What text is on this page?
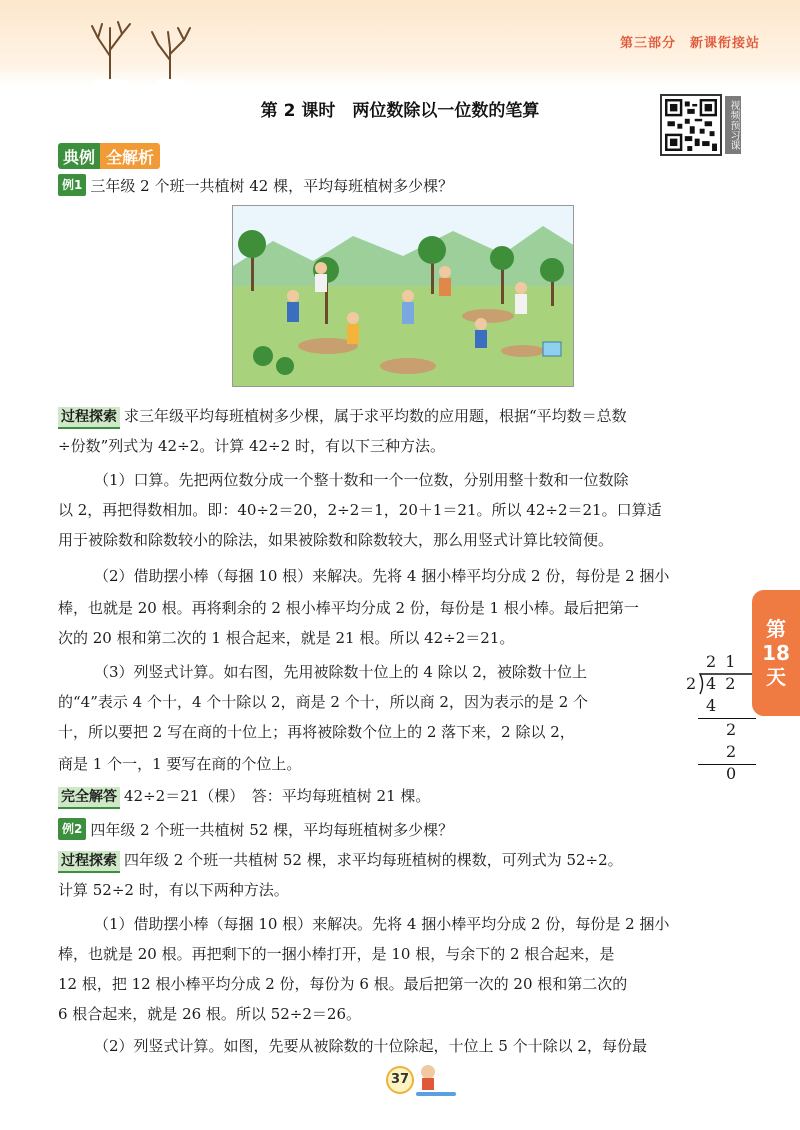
第三部分　新课衔接站
第 2 课时　两位数除以一位数的笔算	视频预习课
典例 全解析
例1 三年级 2 个班一共植树 42 棵，平均每班植树多少棵？
过程探索 求三年级平均每班植树多少棵，属于求平均数的应用题，根据“平均数＝总数
÷份数”列式为 42÷2。计算 42÷2 时，有以下三种方法。
（1）口算。先把两位数分成一个整十数和一个一位数，分别用整十数和一位数除
以 2，再把得数相加。即：40÷2＝20，2÷2＝1，20＋1＝21。所以 42÷2＝21。口算适
用于被除数和除数较小的除法，如果被除数和除数较大，那么用竖式计算比较简便。
（2）借助摆小棒（每捆 10 根）来解决。先将 4 捆小棒平均分成 2 份，每份是 2 捆小
棒，也就是 20 根。再将剩余的 2 根小棒平均分成 2 份，每份是 1 根小棒。最后把第一
次的 20 根和第二次的 1 根合起来，就是 21 根。所以 42÷2＝21。
（3）列竖式计算。如右图，先用被除数十位上的 4 除以 2，被除数十位上
的“4”表示 4 个十，4 个十除以 2，商是 2 个十，所以商 2，因为表示的是 2 个
十，所以要把 2 写在商的十位上；再将被除数个位上的 2 落下来，2 除以 2，
商是 1 个一，1 要写在商的个位上。
2 1
2 4 2
4
2
2
0
第
18
天
完全解答 42÷2＝21（棵）　答：平均每班植树 21 棵。
例2 四年级 2 个班一共植树 52 棵，平均每班植树多少棵？
过程探索 四年级 2 个班一共植树 52 棵，求平均每班植树的棵数，可列式为 52÷2。
计算 52÷2 时，有以下两种方法。
（1）借助摆小棒（每捆 10 根）来解决。先将 4 捆小棒平均分成 2 份，每份是 2 捆小
棒，也就是 20 根。再把剩下的一捆小棒打开，是 10 根，与余下的 2 根合起来，是
12 根，把 12 根小棒平均分成 2 份，每份为 6 根。最后把第一次的 20 根和第二次的
6 根合起来，就是 26 根。所以 52÷2＝26。
（2）列竖式计算。如图，先要从被除数的十位除起，十位上 5 个十除以 2，每份最
37
